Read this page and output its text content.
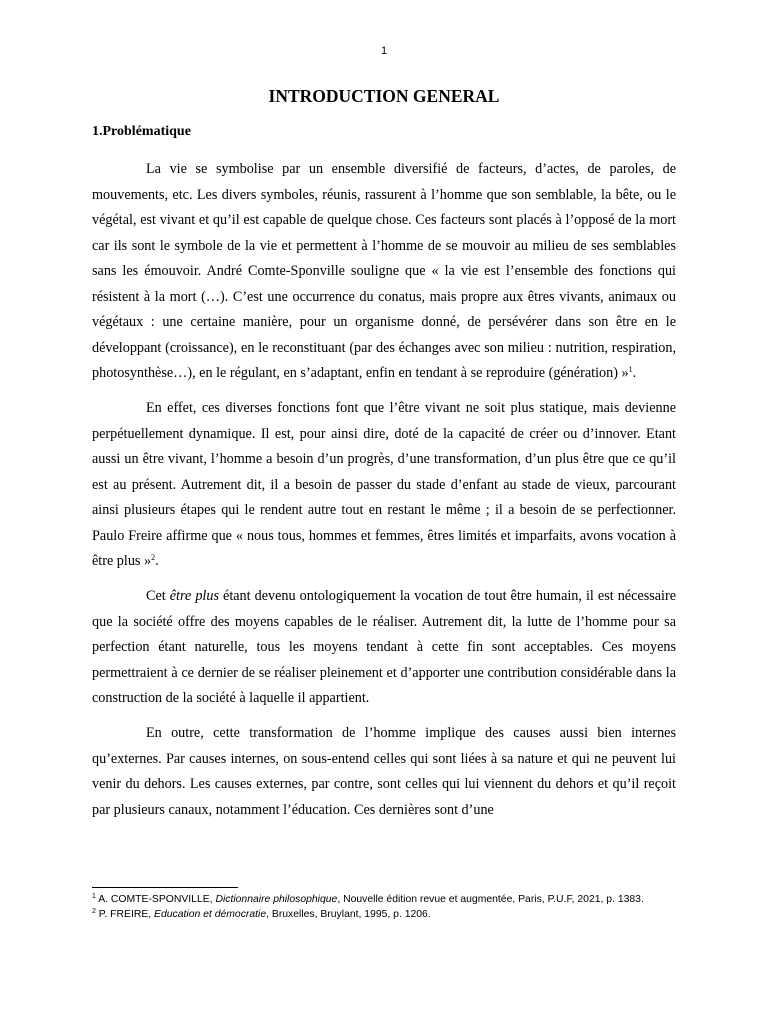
1
INTRODUCTION GENERAL
1.Problématique

La vie se symbolise par un ensemble diversifié de facteurs, d’actes, de paroles, de mouvements, etc. Les divers symboles, réunis, rassurent à l’homme que son semblable, la bête, ou le végétal, est vivant et qu’il est capable de quelque chose. Ces facteurs sont placés à l’opposé de la mort car ils sont le symbole de la vie et permettent à l’homme de se mouvoir au milieu de ses semblables sans les émouvoir. André Comte-Sponville souligne que « la vie est l’ensemble des fonctions qui résistent à la mort (…). C’est une occurrence du conatus, mais propre aux êtres vivants, animaux ou végétaux : une certaine manière, pour un organisme donné, de persévérer dans son être en le développant (croissance), en le reconstituant (par des échanges avec son milieu : nutrition, respiration, photosynthèse…), en le régulant, en s’adaptant, enfin en tendant à se reproduire (génération) »$^1$.

En effet, ces diverses fonctions font que l’être vivant ne soit plus statique, mais devienne perpétuellement dynamique. Il est, pour ainsi dire, doté de la capacité de créer ou d’innover. Etant aussi un être vivant, l’homme a besoin d’un progrès, d’une transformation, d’un plus être que ce qu’il est au présent. Autrement dit, il a besoin de passer du stade d’enfant au stade de vieux, parcourant ainsi plusieurs étapes qui le rendent autre tout en restant le même ; il a besoin de se perfectionner. Paulo Freire affirme que « nous tous, hommes et femmes, êtres limités et imparfaits, avons vocation à être plus »$^2$.

Cet être plus étant devenu ontologiquement la vocation de tout être humain, il est nécessaire que la société offre des moyens capables de le réaliser. Autrement dit, la lutte de l’homme pour sa perfection étant naturelle, tous les moyens tendant à cette fin sont acceptables. Ces moyens permettraient à ce dernier de se réaliser pleinement et d’apporter une contribution considérable dans la construction de la société à laquelle il appartient.

En outre, cette transformation de l’homme implique des causes aussi bien internes qu’externes. Par causes internes, on sous-entend celles qui sont liées à sa nature et qui ne peuvent lui venir du dehors. Les causes externes, par contre, sont celles qui lui viennent du dehors et qu’il reçoit par plusieurs canaux, notamment l’éducation. Ces dernières sont d’une

$^1$ A. COMTE-SPONVILLE, Dictionnaire philosophique, Nouvelle édition revue et augmentée, Paris, P.U.F, 2021, p. 1383.

$^2$ P. FREIRE, Education et démocratie, Bruxelles, Bruylant, 1995, p. 1206.
